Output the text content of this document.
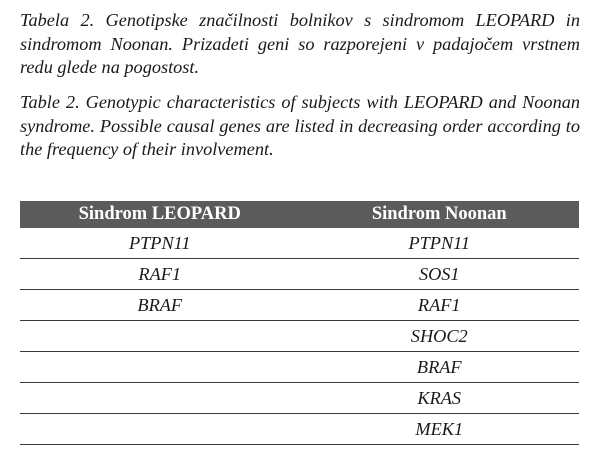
Tabela 2. Genotipske značilnosti bolnikov s sindromom LEOPARD in sindromom Noonan. Prizadeti geni so razporejeni v padajočem vrstnem redu glede na pogostost.

Table 2. Genotypic characteristics of subjects with LEOPARD and Noonan syndrome. Possible causal genes are listed in decreasing order according to the frequency of their involvement.

Sindrom LEOPARD	Sindrom Noonan
PTPN11	PTPN11
RAF1	SOS1
BRAF	RAF1
	SHOC2
	BRAF
	KRAS
	MEK1
